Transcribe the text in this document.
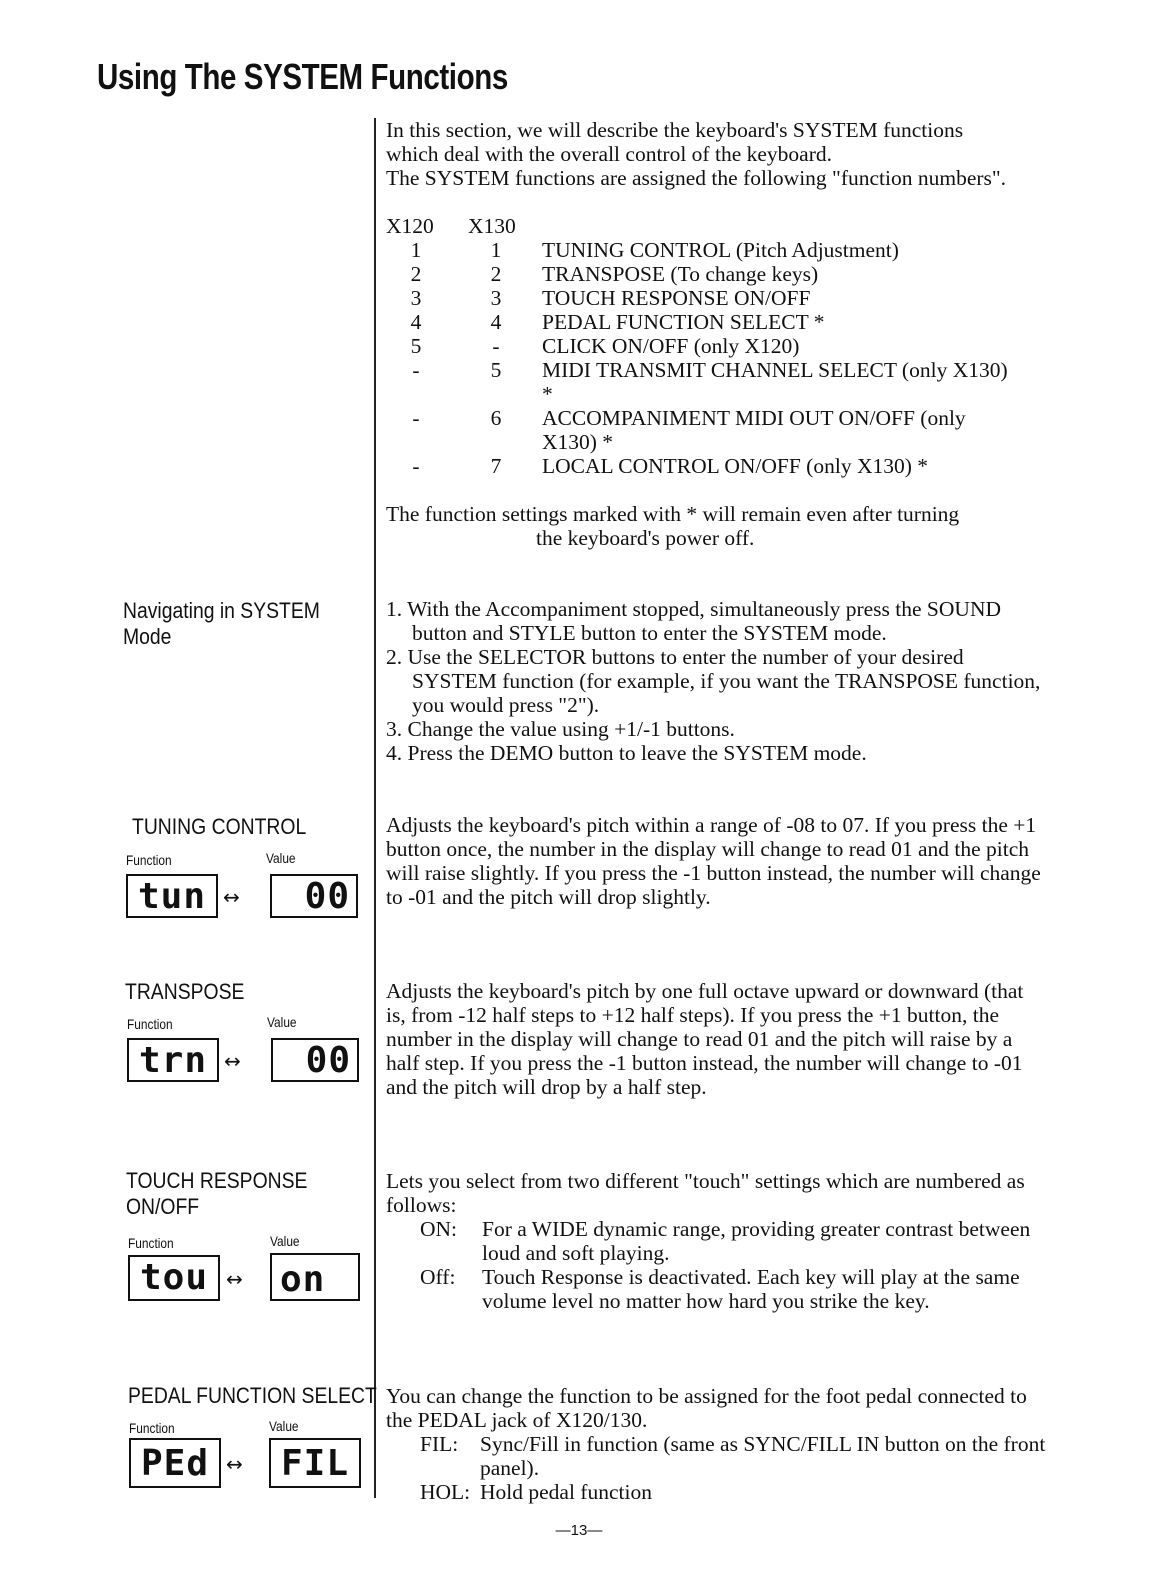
Using The SYSTEM Functions
In this section, we will describe the keyboard's SYSTEM functions
which deal with the overall control of the keyboard.
The SYSTEM functions are assigned the following "function numbers".
X120	X130
1	1	TUNING CONTROL (Pitch Adjustment)
2	2	TRANSPOSE (To change keys)
3	3	TOUCH RESPONSE ON/OFF
4	4	PEDAL FUNCTION SELECT *
5	-	CLICK ON/OFF (only X120)
-	5	MIDI TRANSMIT CHANNEL SELECT (only X130) *
-	6	ACCOMPANIMENT MIDI OUT ON/OFF (only X130) *
-	7	LOCAL CONTROL ON/OFF (only X130) *
The function settings marked with * will remain even after turning
the keyboard's power off.
Navigating in SYSTEM
Mode
1. With the Accompaniment stopped, simultaneously press the SOUND button and STYLE button to enter the SYSTEM mode.
2. Use the SELECTOR buttons to enter the number of your desired SYSTEM function (for example, if you want the TRANSPOSE function, you would press "2").
3. Change the value using +1/-1 buttons.
4. Press the DEMO button to leave the SYSTEM mode.
TUNING CONTROL
Function	Value
tun ↔	00
Adjusts the keyboard's pitch within a range of -08 to 07. If you press the +1 button once, the number in the display will change to read 01 and the pitch will raise slightly. If you press the -1 button instead, the number will change to -01 and the pitch will drop slightly.
TRANSPOSE
Function	Value
trn ↔	00
Adjusts the keyboard's pitch by one full octave upward or downward (that is, from -12 half steps to +12 half steps). If you press the +1 button, the number in the display will change to read 01 and the pitch will raise by a half step. If you press the -1 button instead, the number will change to -01 and the pitch will drop by a half step.
TOUCH RESPONSE
ON/OFF
Function	Value
tou ↔ on
Lets you select from two different "touch" settings which are numbered as follows:
ON: For a WIDE dynamic range, providing greater contrast between loud and soft playing.
Off: Touch Response is deactivated. Each key will play at the same volume level no matter how hard you strike the key.
PEDAL FUNCTION SELECT
Function	Value
PEd ↔ FIL
You can change the function to be assigned for the foot pedal connected to the PEDAL jack of X120/130.
FIL: Sync/Fill in function (same as SYNC/FILL IN button on the front panel).
HOL: Hold pedal function
—13—
